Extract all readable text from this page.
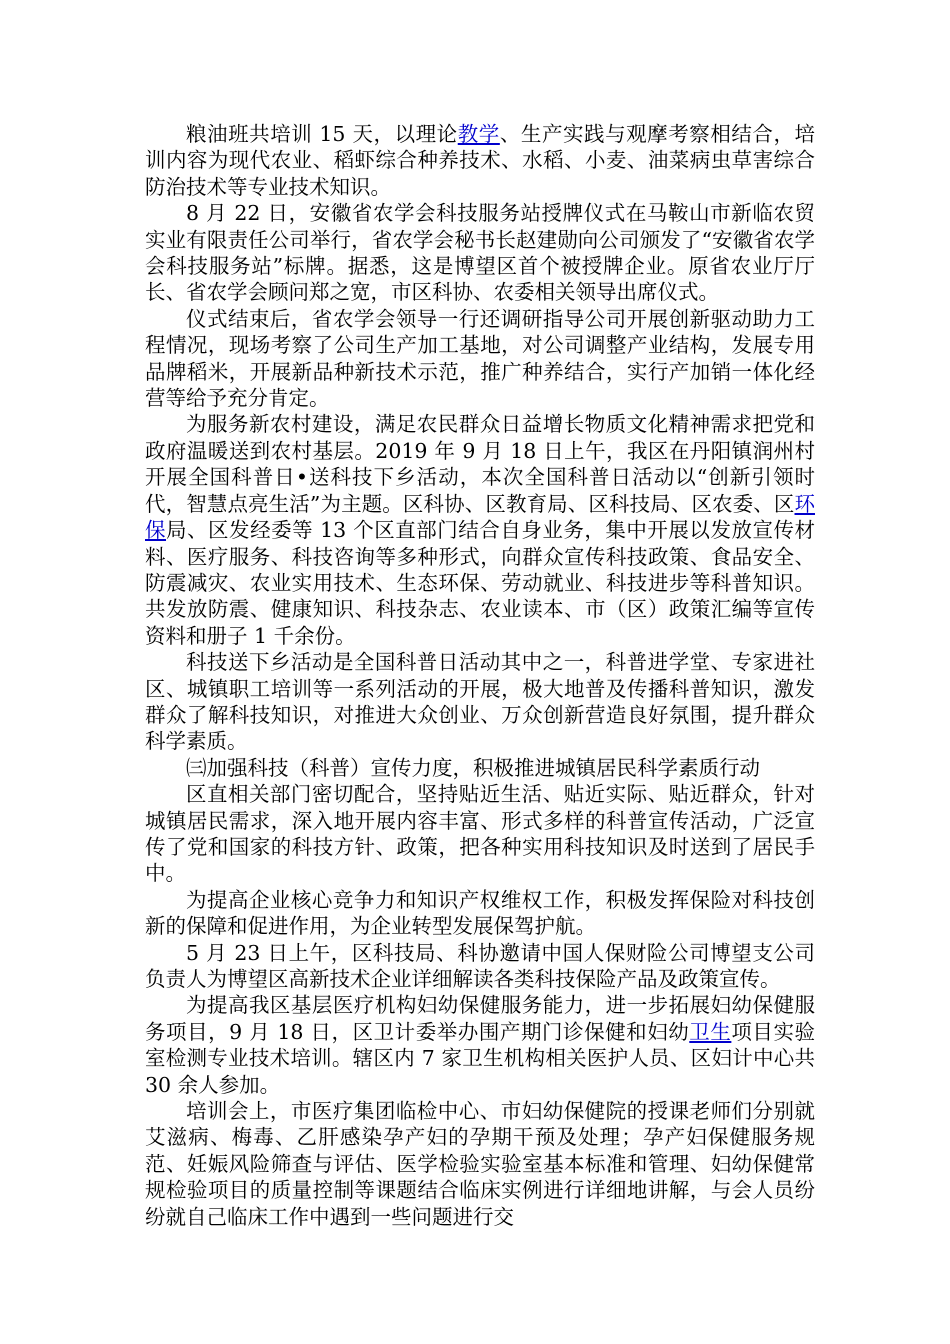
粮油班共培训 15 天，以理论教学、生产实践与观摩考察相结合，培训内容为现代农业、稻虾综合种养技术、水稻、小麦、油菜病虫草害综合防治技术等专业技术知识。

8 月 22 日，安徽省农学会科技服务站授牌仪式在马鞍山市新临农贸实业有限责任公司举行，省农学会秘书长赵建勋向公司颁发了“安徽省农学会科技服务站”标牌。据悉，这是博望区首个被授牌企业。原省农业厅厅长、省农学会顾问郑之宽，市区科协、农委相关领导出席仪式。

仪式结束后，省农学会领导一行还调研指导公司开展创新驱动助力工程情况，现场考察了公司生产加工基地，对公司调整产业结构，发展专用品牌稻米，开展新品种新技术示范，推广种养结合，实行产加销一体化经营等给予充分肯定。

为服务新农村建设，满足农民群众日益增长物质文化精神需求把党和政府温暖送到农村基层。2019 年 9 月 18 日上午，我区在丹阳镇润州村开展全国科普日•送科技下乡活动，本次全国科普日活动以“创新引领时代，智慧点亮生活”为主题。区科协、区教育局、区科技局、区农委、区环保局、区发经委等 13 个区直部门结合自身业务，集中开展以发放宣传材料、医疗服务、科技咨询等多种形式，向群众宣传科技政策、食品安全、防震减灾、农业实用技术、生态环保、劳动就业、科技进步等科普知识。共发放防震、健康知识、科技杂志、农业读本、市（区）政策汇编等宣传资料和册子 1 千余份。

科技送下乡活动是全国科普日活动其中之一，科普进学堂、专家进社区、城镇职工培训等一系列活动的开展，极大地普及传播科普知识，激发群众了解科技知识，对推进大众创业、万众创新营造良好氛围，提升群众科学素质。

㈢加强科技（科普）宣传力度，积极推进城镇居民科学素质行动

区直相关部门密切配合，坚持贴近生活、贴近实际、贴近群众，针对城镇居民需求，深入地开展内容丰富、形式多样的科普宣传活动，广泛宣传了党和国家的科技方针、政策，把各种实用科技知识及时送到了居民手中。

为提高企业核心竞争力和知识产权维权工作，积极发挥保险对科技创新的保障和促进作用，为企业转型发展保驾护航。

5 月 23 日上午，区科技局、科协邀请中国人保财险公司博望支公司负责人为博望区高新技术企业详细解读各类科技保险产品及政策宣传。

为提高我区基层医疗机构妇幼保健服务能力，进一步拓展妇幼保健服务项目，9 月 18 日，区卫计委举办围产期门诊保健和妇幼卫生项目实验室检测专业技术培训。辖区内 7 家卫生机构相关医护人员、区妇计中心共 30 余人参加。

培训会上，市医疗集团临检中心、市妇幼保健院的授课老师们分别就艾滋病、梅毒、乙肝感染孕产妇的孕期干预及处理；孕产妇保健服务规范、妊娠风险筛查与评估、医学检验实验室基本标准和管理、妇幼保健常规检验项目的质量控制等课题结合临床实例进行详细地讲解，与会人员纷纷就自己临床工作中遇到一些问题进行交
